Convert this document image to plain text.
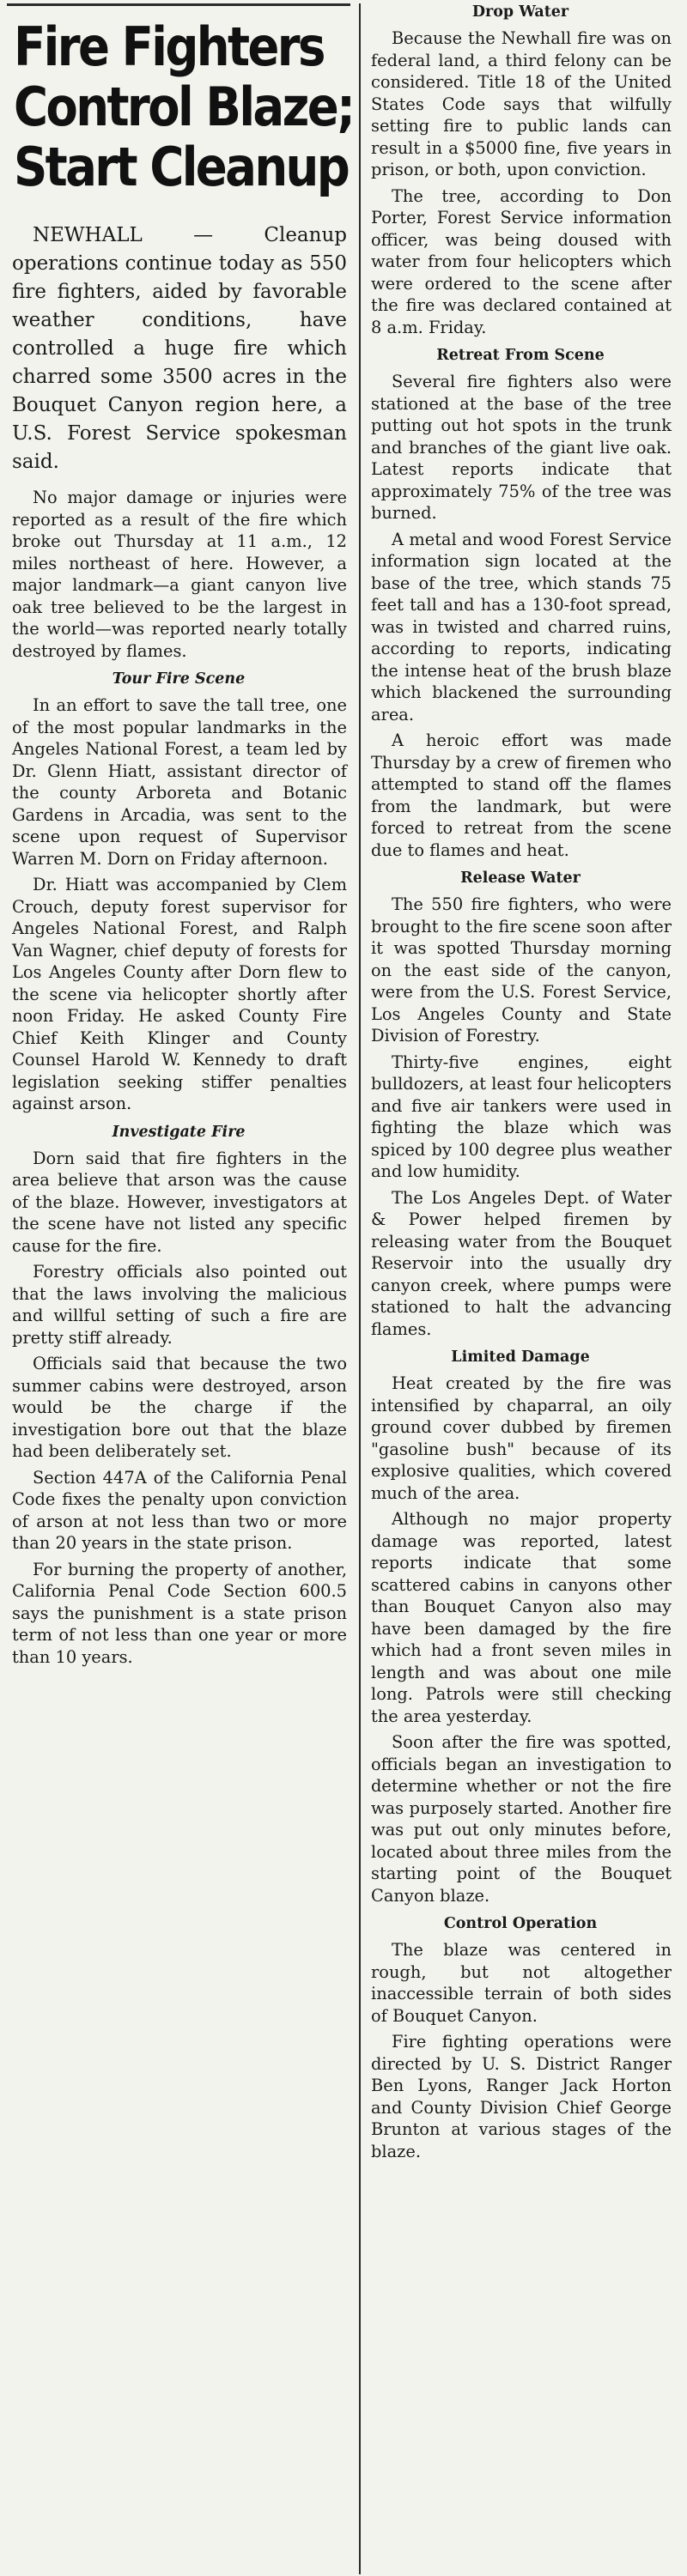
Fire Fighters
Control Blaze;
Start Cleanup
NEWHALL — Cleanup operations continue today as 550 fire fighters, aided by favorable weather conditions, have controlled a huge fire which charred some 3500 acres in the Bouquet Canyon region here, a U.S. Forest Service spokesman said.
No major damage or injuries were reported as a result of the fire which broke out Thursday at 11 a.m., 12 miles northeast of here. However, a major landmark—a giant canyon live oak tree believed to be the largest in the world—was reported nearly totally destroyed by flames.
Tour Fire Scene
In an effort to save the tall tree, one of the most popular landmarks in the Angeles National Forest, a team led by Dr. Glenn Hiatt, assistant director of the county Arboreta and Botanic Gardens in Arcadia, was sent to the scene upon request of Supervisor Warren M. Dorn on Friday afternoon.
Dr. Hiatt was accompanied by Clem Crouch, deputy forest supervisor for Angeles National Forest, and Ralph Van Wagner, chief deputy of forests for Los Angeles County after Dorn flew to the scene via helicopter shortly after noon Friday. He asked County Fire Chief Keith Klinger and County Counsel Harold W. Kennedy to draft legislation seeking stiffer penalties against arson.
Investigate Fire
Dorn said that fire fighters in the area believe that arson was the cause of the blaze. However, investigators at the scene have not listed any specific cause for the fire.
Forestry officials also pointed out that the laws involving the malicious and willful setting of such a fire are pretty stiff already.
Officials said that because the two summer cabins were destroyed, arson would be the charge if the investigation bore out that the blaze had been deliberately set.
Section 447A of the California Penal Code fixes the penalty upon conviction of arson at not less than two or more than 20 years in the state prison.
For burning the property of another, California Penal Code Section 600.5 says the punishment is a state prison term of not less than one year or more than 10 years.
Drop Water
Because the Newhall fire was on federal land, a third felony can be considered. Title 18 of the United States Code says that wilfully setting fire to public lands can result in a $5000 fine, five years in prison, or both, upon conviction.
The tree, according to Don Porter, Forest Service information officer, was being doused with water from four helicopters which were ordered to the scene after the fire was declared contained at 8 a.m. Friday.
Retreat From Scene
Several fire fighters also were stationed at the base of the tree putting out hot spots in the trunk and branches of the giant live oak. Latest reports indicate that approximately 75% of the tree was burned.
A metal and wood Forest Service information sign located at the base of the tree, which stands 75 feet tall and has a 130-foot spread, was in twisted and charred ruins, according to reports, indicating the intense heat of the brush blaze which blackened the surrounding area.
A heroic effort was made Thursday by a crew of firemen who attempted to stand off the flames from the landmark, but were forced to retreat from the scene due to flames and heat.
Release Water
The 550 fire fighters, who were brought to the fire scene soon after it was spotted Thursday morning on the east side of the canyon, were from the U.S. Forest Service, Los Angeles County and State Division of Forestry.
Thirty-five engines, eight bulldozers, at least four helicopters and five air tankers were used in fighting the blaze which was spiced by 100 degree plus weather and low humidity.
The Los Angeles Dept. of Water & Power helped firemen by releasing water from the Bouquet Reservoir into the usually dry canyon creek, where pumps were stationed to halt the advancing flames.
Limited Damage
Heat created by the fire was intensified by chaparral, an oily ground cover dubbed by firemen "gasoline bush" because of its explosive qualities, which covered much of the area.
Although no major property damage was reported, latest reports indicate that some scattered cabins in canyons other than Bouquet Canyon also may have been damaged by the fire which had a front seven miles in length and was about one mile long. Patrols were still checking the area yesterday.
Soon after the fire was spotted, officials began an investigation to determine whether or not the fire was purposely started. Another fire was put out only minutes before, located about three miles from the starting point of the Bouquet Canyon blaze.
Control Operation
The blaze was centered in rough, but not altogether inaccessible terrain of both sides of Bouquet Canyon.
Fire fighting operations were directed by U. S. District Ranger Ben Lyons, Ranger Jack Horton and County Division Chief George Brunton at various stages of the blaze.
